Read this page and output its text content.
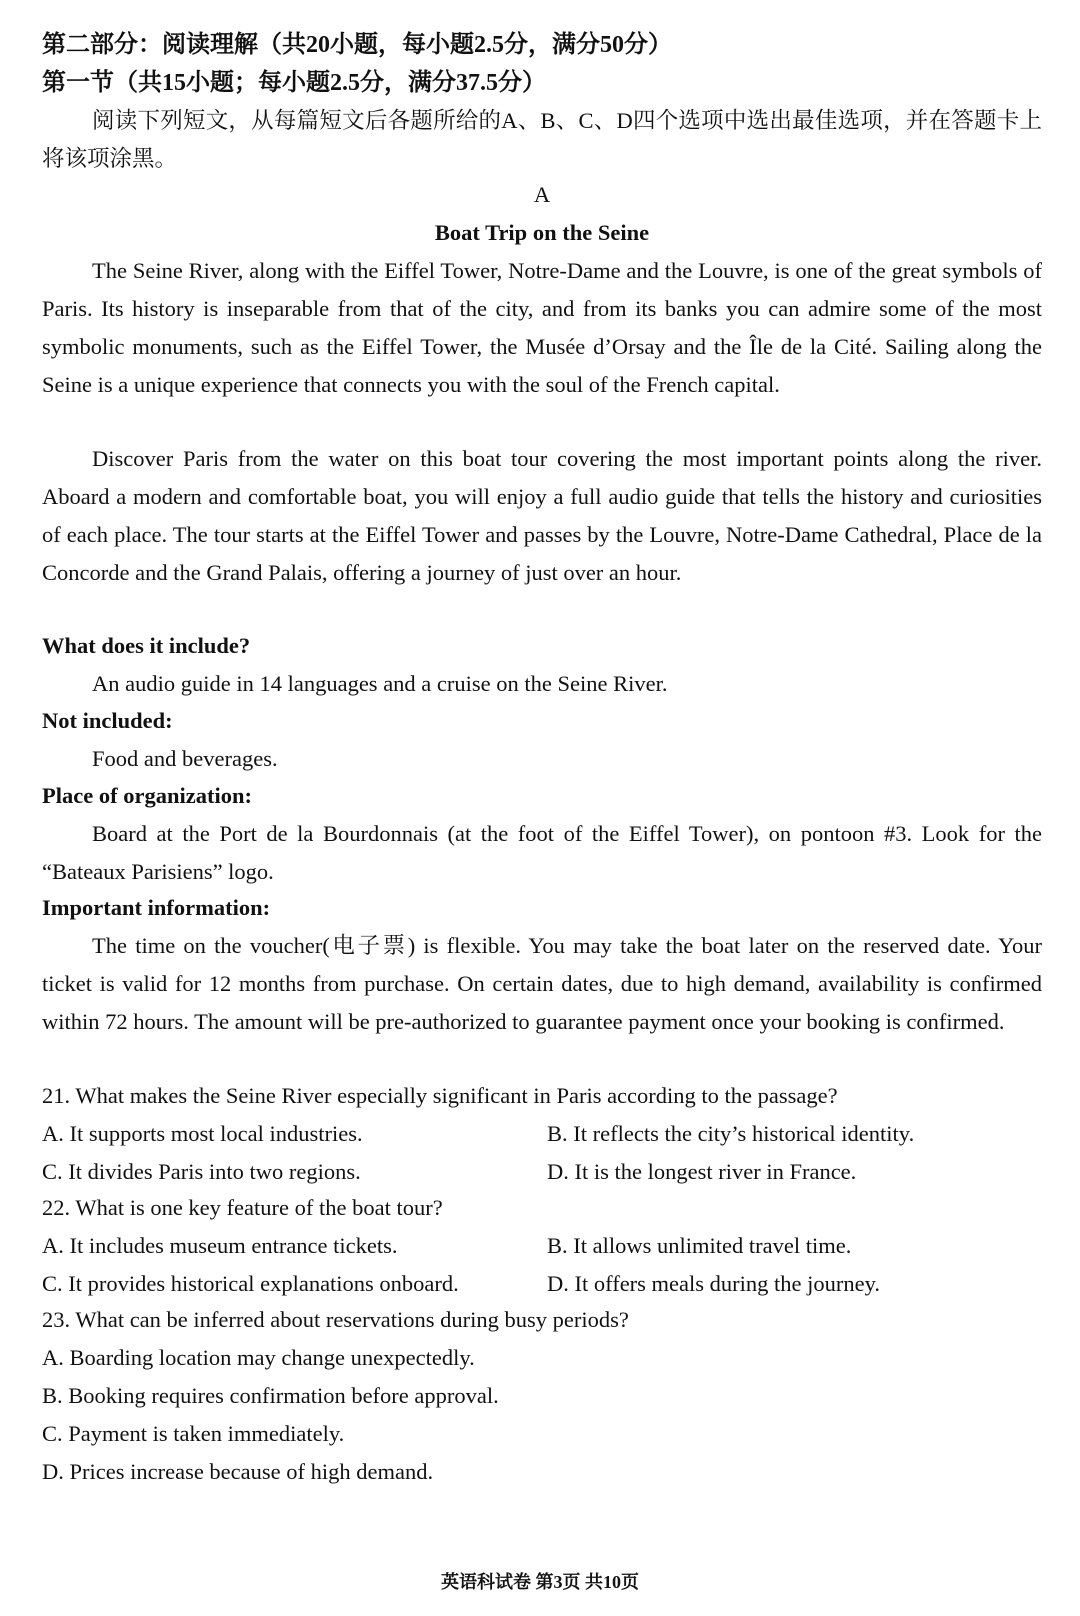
第二部分：阅读理解（共20小题，每小题2.5分，满分50分）
第一节（共15小题；每小题2.5分，满分37.5分）

阅读下列短文，从每篇短文后各题所给的A、B、C、D四个选项中选出最佳选项，并在答题卡上将该项涂黑。

A
Boat Trip on the Seine

The Seine River, along with the Eiffel Tower, Notre-Dame and the Louvre, is one of the great symbols of Paris. Its history is inseparable from that of the city, and from its banks you can admire some of the most symbolic monuments, such as the Eiffel Tower, the Musée d’Orsay and the Île de la Cité. Sailing along the Seine is a unique experience that connects you with the soul of the French capital.

Discover Paris from the water on this boat tour covering the most important points along the river. Aboard a modern and comfortable boat, you will enjoy a full audio guide that tells the history and curiosities of each place. The tour starts at the Eiffel Tower and passes by the Louvre, Notre-Dame Cathedral, Place de la Concorde and the Grand Palais, offering a journey of just over an hour.

What does it include?
An audio guide in 14 languages and a cruise on the Seine River.
Not included:
Food and beverages.
Place of organization:

Board at the Port de la Bourdonnais (at the foot of the Eiffel Tower), on pontoon #3. Look for the “Bateaux Parisiens” logo.

Important information:

The time on the voucher(电子票) is flexible. You may take the boat later on the reserved date. Your ticket is valid for 12 months from purchase. On certain dates, due to high demand, availability is confirmed within 72 hours. The amount will be pre-authorized to guarantee payment once your booking is confirmed.

21. What makes the Seine River especially significant in Paris according to the passage?

A. It supports most local industries.	B. It reflects the city’s historical identity.
C. It divides Paris into two regions.	D. It is the longest river in France.

22. What is one key feature of the boat tour?

A. It includes museum entrance tickets.	B. It allows unlimited travel time.
C. It provides historical explanations onboard.	D. It offers meals during the journey.

23. What can be inferred about reservations during busy periods?

A. Boarding location may change unexpectedly.
B. Booking requires confirmation before approval.
C. Payment is taken immediately.
D. Prices increase because of high demand.
英语科试卷 第3页 共10页
